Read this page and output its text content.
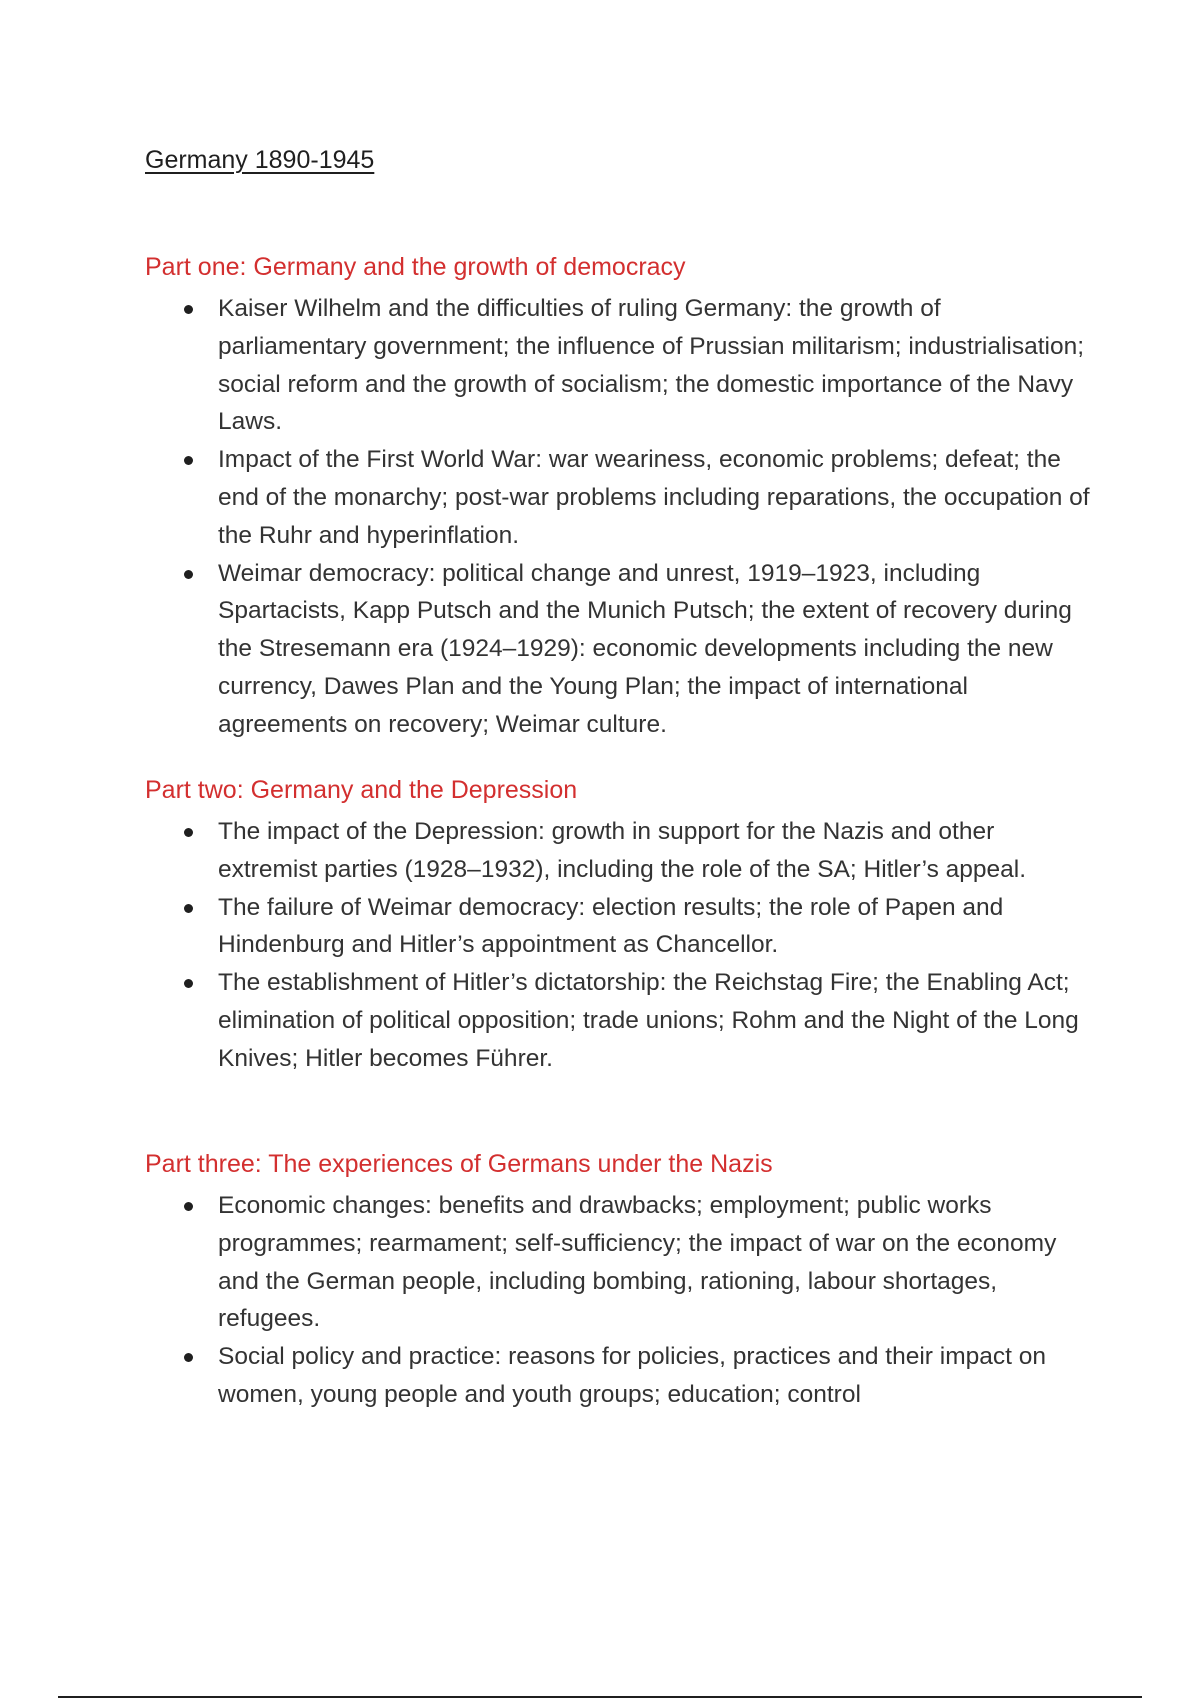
Germany 1890-1945
Part one: Germany and the growth of democracy
Kaiser Wilhelm and the difficulties of ruling Germany: the growth of parliamentary government; the influence of Prussian militarism; industrialisation; social reform and the growth of socialism; the domestic importance of the Navy Laws.
Impact of the First World War: war weariness, economic problems; defeat; the end of the monarchy; post-war problems including reparations, the occupation of the Ruhr and hyperinflation.
Weimar democracy: political change and unrest, 1919–1923, including Spartacists, Kapp Putsch and the Munich Putsch; the extent of recovery during the Stresemann era (1924–1929): economic developments including the new currency, Dawes Plan and the Young Plan; the impact of international agreements on recovery; Weimar culture.
Part two: Germany and the Depression
The impact of the Depression: growth in support for the Nazis and other extremist parties (1928–1932), including the role of the SA; Hitler’s appeal.
The failure of Weimar democracy: election results; the role of Papen and Hindenburg and Hitler’s appointment as Chancellor.
The establishment of Hitler’s dictatorship: the Reichstag Fire; the Enabling Act; elimination of political opposition; trade unions; Rohm and the Night of the Long Knives; Hitler becomes Führer.
Part three: The experiences of Germans under the Nazis
Economic changes: benefits and drawbacks; employment; public works programmes; rearmament; self-sufficiency; the impact of war on the economy and the German people, including bombing, rationing, labour shortages, refugees.
Social policy and practice: reasons for policies, practices and their impact on women, young people and youth groups; education; control
